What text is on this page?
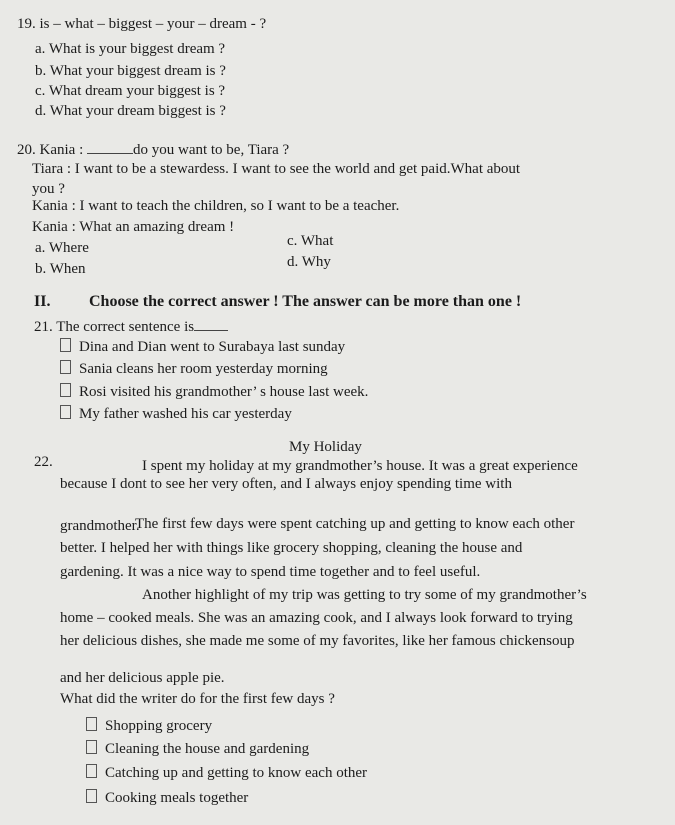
19. is – what – biggest – your – dream - ?
a. What is your biggest dream ?
b. What your biggest dream is ?
c. What dream your biggest is ?
d. What your dream biggest is ?
20. Kania :	do you want to be, Tiara ?
Tiara : I want to be a stewardess. I want to see the world and get paid.What about
you ?
Kania : I want to teach the children, so I want to be a teacher.
Kania : What an amazing dream !
a. Where
b. When
c. What
d. Why
II. Choose the correct answer ! The answer can be more than one !
21. The correct sentence is
Dina and Dian went to Surabaya last sunday
Sania cleans her room yesterday morning
Rosi visited his grandmother’ s house last week.
My father washed his car yesterday
22.
My Holiday
I spent my holiday at my grandmother’s house. It was a great experience
because I dont to see her very often, and I always enjoy spending time with
grandmother.
The first few days were spent catching up and getting to know each other
better. I helped her with things like grocery shopping, cleaning the house and
gardening. It was a nice way to spend time together and to feel useful.
Another highlight of my trip was getting to try some of my grandmother’s
home – cooked meals. She was an amazing cook, and I always look forward to trying
her delicious dishes, she made me some of my favorites, like her famous chickensoup
and her delicious apple pie.
What did the writer do for the first few days ?
Shopping grocery
Cleaning the house and gardening
Catching up and getting to know each other
Cooking meals together
